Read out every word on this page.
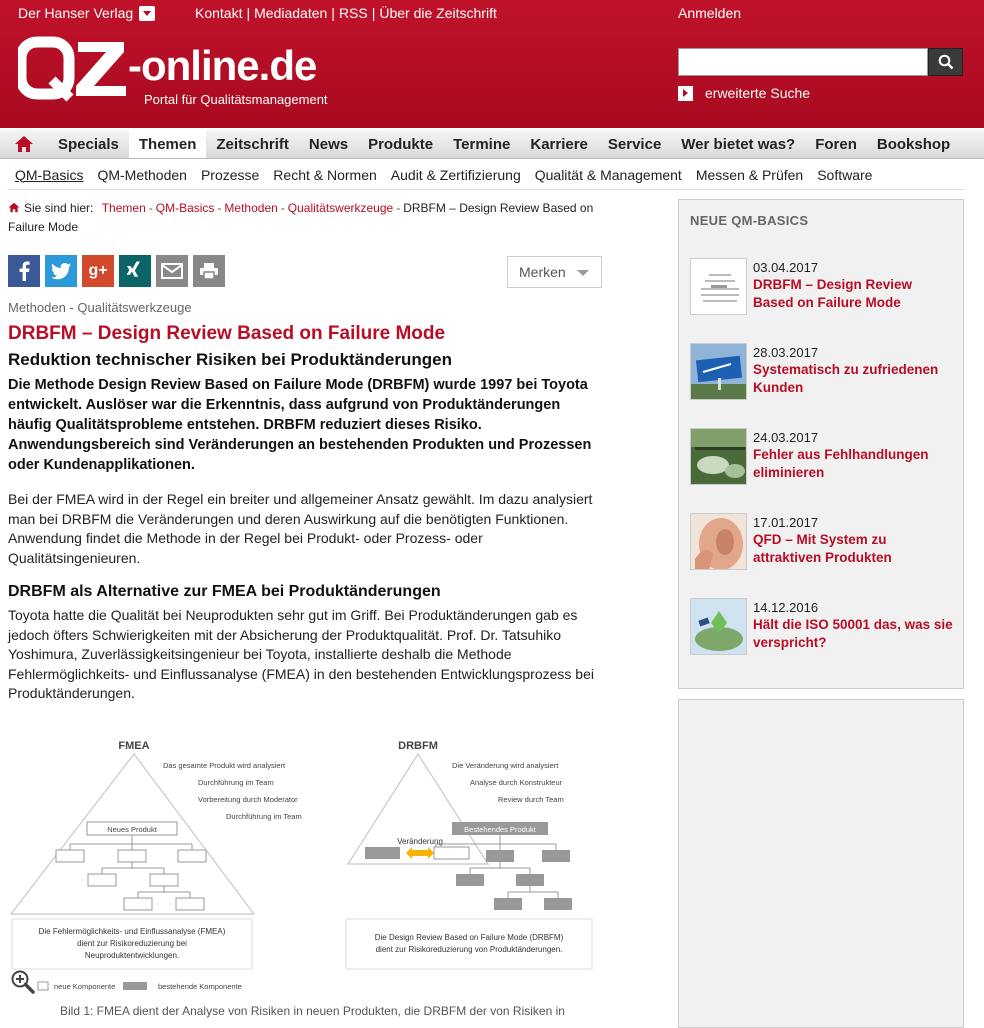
Der Hanser Verlag	Kontakt | Mediadaten | RSS | Über die Zeitschrift	Anmelden
-online.de
Portal für Qualitätsmanagement	erweiterte Suche
Specials	Themen	Zeitschrift	News	Produkte	Termine	Karriere	Service	Wer bietet was?	Foren	Bookshop
QM-Basics	QM-Methoden	Prozesse	Recht & Normen	Audit & Zertifizierung	Qualität & Management	Messen & Prüfen	Software
Sie sind hier: Themen - QM-Basics - Methoden - Qualitätswerkzeuge - DRBFM – Design Review Based on Failure Mode
g+	Merken
Methoden - Qualitätswerkzeuge
DRBFM – Design Review Based on Failure Mode
Reduktion technischer Risiken bei Produktänderungen

Die Methode Design Review Based on Failure Mode (DRBFM) wurde 1997 bei Toyota entwickelt. Auslöser war die Erkenntnis, dass aufgrund von Produktänderungen häufig Qualitätsprobleme entstehen. DRBFM reduziert dieses Risiko. Anwendungsbereich sind Veränderungen an bestehenden Produkten und Prozessen oder Kundenapplikationen.

Bei der FMEA wird in der Regel ein breiter und allgemeiner Ansatz gewählt. Im dazu analysiert man bei DRBFM die Veränderungen und deren Auswirkung auf die benötigten Funktionen. Anwendung findet die Methode in der Regel bei Produkt- oder Prozess- oder Qualitätsingenieuren.

DRBFM als Alternative zur FMEA bei Produktänderungen

Toyota hatte die Qualität bei Neuprodukten sehr gut im Griff. Bei Produktänderungen gab es jedoch öfters Schwierigkeiten mit der Absicherung der Produktqualität. Prof. Dr. Tatsuhiko Yoshimura, Zuverlässigkeitsingenieur bei Toyota, installierte deshalb die Methode Fehlermöglichkeits- und Einflussanalyse (FMEA) in den bestehenden Entwicklungsprozess bei Produktänderungen.

FMEA
Das gesamte Produkt wird analysiert
Durchführung im Team
Vorbereitung durch Moderator
Durchführung im Team
Neues Produkt
Die Fehlermöglichkeits- und Einflussanalyse (FMEA)
dient zur Risikoreduzierung bei
Neuproduktentwicklungen.
DRBFM
Die Veränderung wird analysiert
Analyse durch Konstrukteur
Review durch Team
Bestehendes Produkt
Veränderung
Die Design Review Based on Failure Mode (DRBFM)
dient zur Risikoreduzierung von Produktänderungen.
neue Komponente	bestehende Komponente
Bild 1: FMEA dient der Analyse von Risiken in neuen Produkten, die DRBFM der von Risiken in
NEUE QM-BASICS
03.04.2017
DRBFM – Design Review Based on Failure Mode
28.03.2017
Systematisch zu zufriedenen Kunden
24.03.2017
Fehler aus Fehlhandlungen eliminieren
17.01.2017
QFD – Mit System zu attraktiven Produkten
14.12.2016
Hält die ISO 50001 das, was sie verspricht?
